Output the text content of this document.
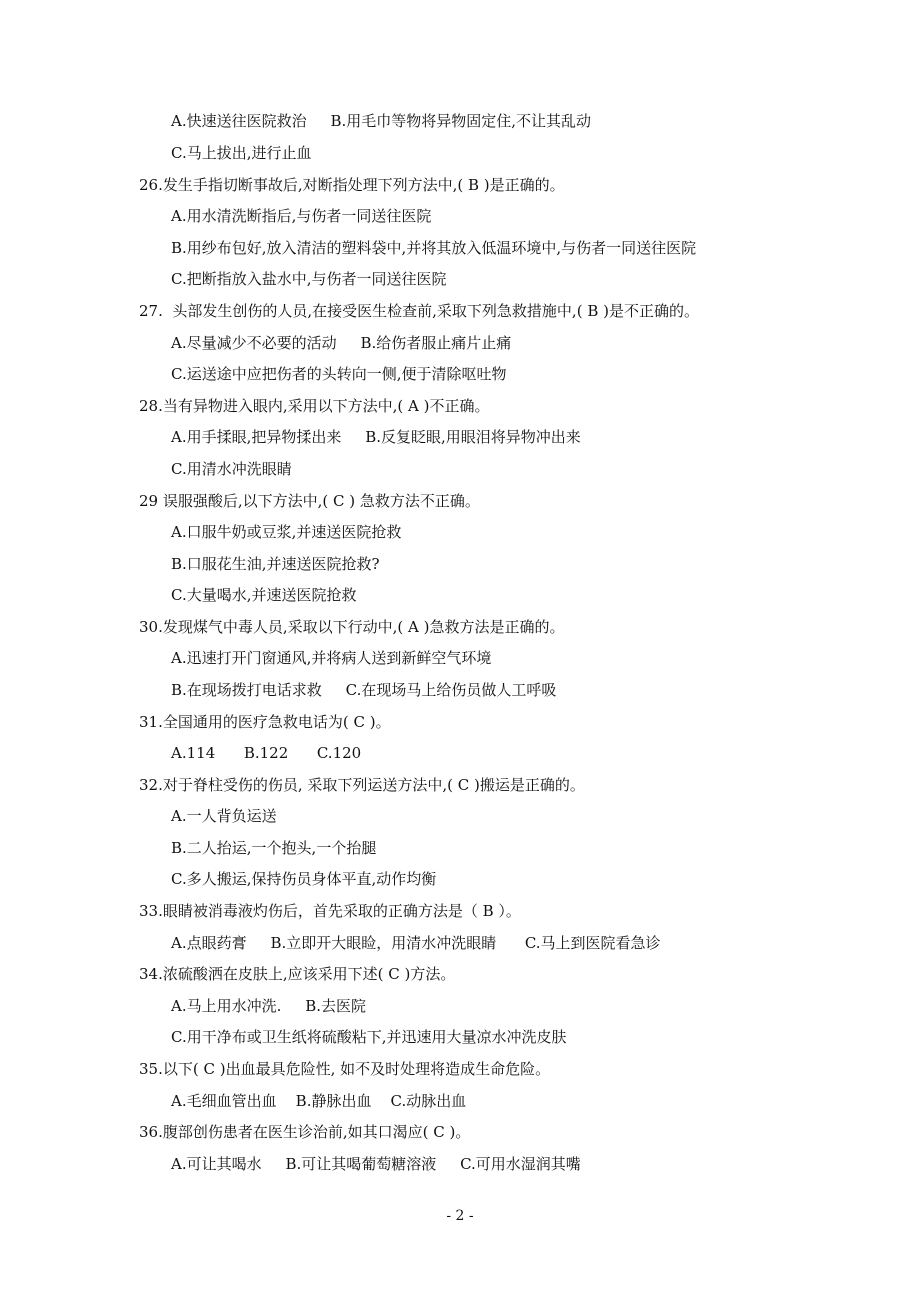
A.快速送往医院救治     B.用毛巾等物将异物固定住,不让其乱动
C.马上拔出,进行止血
26.发生手指切断事故后,对断指处理下列方法中,( B )是正确的。
A.用水清洗断指后,与伤者一同送往医院
B.用纱布包好,放入清洁的塑料袋中,并将其放入低温环境中,与伤者一同送往医院
C.把断指放入盐水中,与伤者一同送往医院
27.  头部发生创伤的人员,在接受医生检查前,采取下列急救措施中,( B )是不正确的。
A.尽量减少不必要的活动     B.给伤者服止痛片止痛
C.运送途中应把伤者的头转向一侧,便于清除呕吐物
28.当有异物进入眼内,采用以下方法中,( A )不正确。
A.用手揉眼,把异物揉出来     B.反复眨眼,用眼泪将异物冲出来
C.用清水冲洗眼睛
29 误服强酸后,以下方法中,( C ) 急救方法不正确。
A.口服牛奶或豆浆,并速送医院抢救
B.口服花生油,并速送医院抢救?
C.大量喝水,并速送医院抢救
30.发现煤气中毒人员,采取以下行动中,( A )急救方法是正确的。
A.迅速打开门窗通风,并将病人送到新鲜空气环境
B.在现场拨打电话求救     C.在现场马上给伤员做人工呼吸
31.全国通用的医疗急救电话为( C )。
A.114      B.122      C.120
32.对于脊柱受伤的伤员, 采取下列运送方法中,( C )搬运是正确的。
A.一人背负运送
B.二人抬运,一个抱头,一个抬腿
C.多人搬运,保持伤员身体平直,动作均衡
33.眼睛被消毒液灼伤后，首先采取的正确方法是（ B ）。
A.点眼药膏     B.立即开大眼睑，用清水冲洗眼睛      C.马上到医院看急诊
34.浓硫酸洒在皮肤上,应该采用下述( C )方法。
A.马上用水冲洗.     B.去医院
C.用干净布或卫生纸将硫酸粘下,并迅速用大量凉水冲洗皮肤
35.以下( C )出血最具危险性, 如不及时处理将造成生命危险。
A.毛细血管出血    B.静脉出血    C.动脉出血
36.腹部创伤患者在医生诊治前,如其口渴应( C )。
A.可让其喝水     B.可让其喝葡萄糖溶液     C.可用水湿润其嘴
- 2 -
